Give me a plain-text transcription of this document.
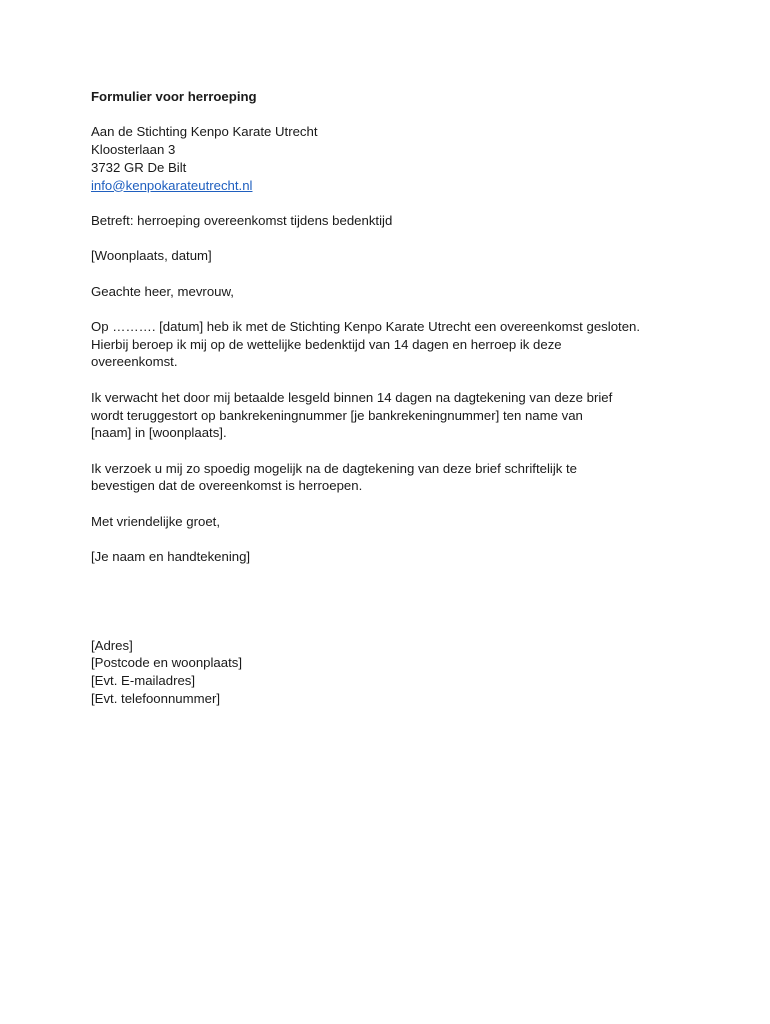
Formulier voor herroeping
Aan de Stichting Kenpo Karate Utrecht
Kloosterlaan 3
3732 GR De Bilt
info@kenpokarateutrecht.nl
Betreft: herroeping overeenkomst tijdens bedenktijd
[Woonplaats, datum]
Geachte heer, mevrouw,
Op ………. [datum] heb ik met de Stichting Kenpo Karate Utrecht een overeenkomst gesloten.
Hierbij beroep ik mij op de wettelijke bedenktijd van 14 dagen en herroep ik deze
overeenkomst.
Ik verwacht het door mij betaalde lesgeld binnen 14 dagen na dagtekening van deze brief
wordt teruggestort op bankrekeningnummer [je bankrekeningnummer] ten name van
[naam] in [woonplaats].
Ik verzoek u mij zo spoedig mogelijk na de dagtekening van deze brief schriftelijk te
bevestigen dat de overeenkomst is herroepen.
Met vriendelijke groet,
[Je naam en handtekening]
[Adres]
[Postcode en woonplaats]
[Evt. E-mailadres]
[Evt. telefoonnummer]
